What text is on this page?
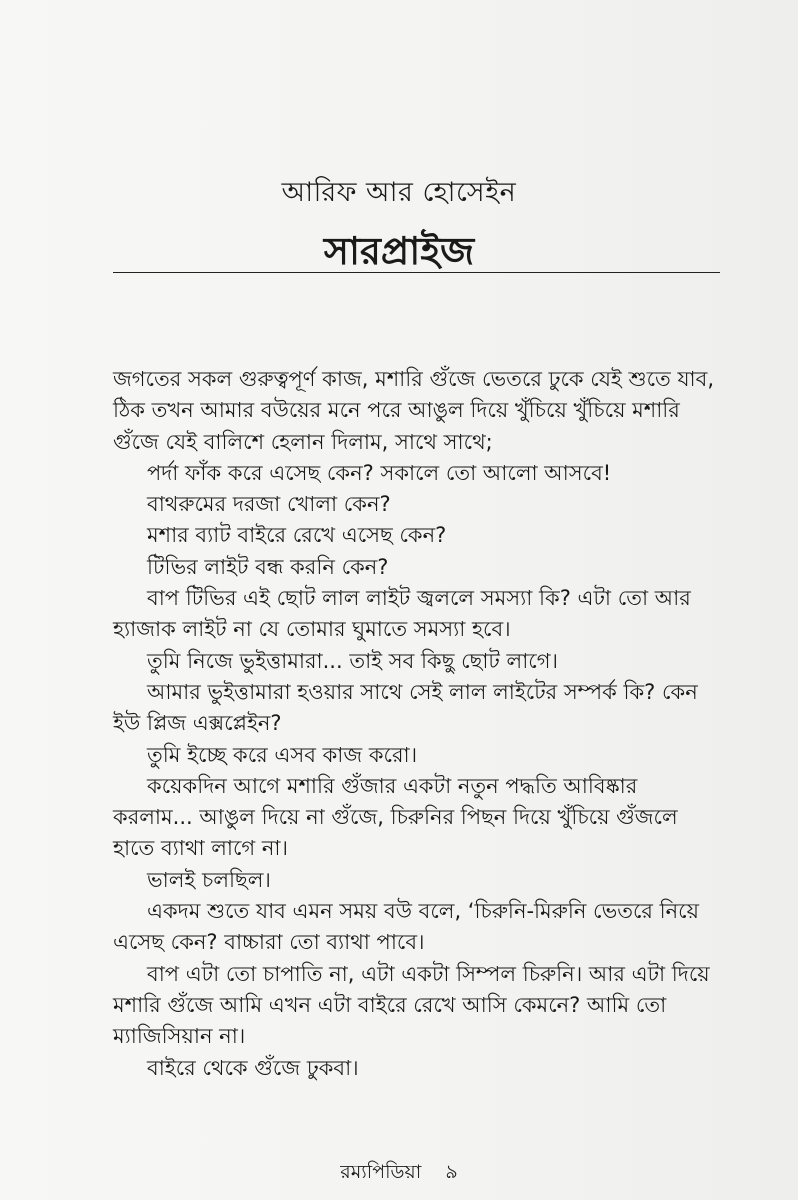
আরিফ আর হোসেইন
সারপ্রাইজ

জগতের সকল গুরুত্বপূর্ণ কাজ, মশারি গুঁজে ভেতরে ঢুকে যেই শুতে যাব, ঠিক তখন আমার বউয়ের মনে পরে আঙুল দিয়ে খুঁচিয়ে খুঁচিয়ে মশারি গুঁজে যেই বালিশে হেলান দিলাম, সাথে সাথে;

পর্দা ফাঁক করে এসেছ কেন? সকালে তো আলো আসবে!

বাথরুমের দরজা খোলা কেন?

মশার ব্যাট বাইরে রেখে এসেছ কেন?

টিভির লাইট বন্ধ করনি কেন?

বাপ টিভির এই ছোট লাল লাইট জ্বললে সমস্যা কি? এটা তো আর হ্যাজাক লাইট না যে তোমার ঘুমাতে সমস্যা হবে।

তুমি নিজে ভুইত্তামারা... তাই সব কিছু ছোট লাগে।

আমার ভুইত্তামারা হওয়ার সাথে সেই লাল লাইটের সম্পর্ক কি? কেন ইউ প্লিজ এক্সপ্লেইন?

তুমি ইচ্ছে করে এসব কাজ করো।

কয়েকদিন আগে মশারি গুঁজার একটা নতুন পদ্ধতি আবিষ্কার করলাম... আঙুল দিয়ে না গুঁজে, চিরুনির পিছন দিয়ে খুঁচিয়ে গুঁজলে হাতে ব্যাথা লাগে না।

ভালই চলছিল।

একদম শুতে যাব এমন সময় বউ বলে, ‘চিরুনি-মিরুনি ভেতরে নিয়ে এসেছ কেন? বাচ্চারা তো ব্যাথা পাবে।

বাপ এটা তো চাপাতি না, এটা একটা সিম্পল চিরুনি। আর এটা দিয়ে মশারি গুঁজে আমি এখন এটা বাইরে রেখে আসি কেমনে? আমি তো ম্যাজিসিয়ান না।

বাইরে থেকে গুঁজে ঢুকবা।

রম্যপিডিয়া ৯
